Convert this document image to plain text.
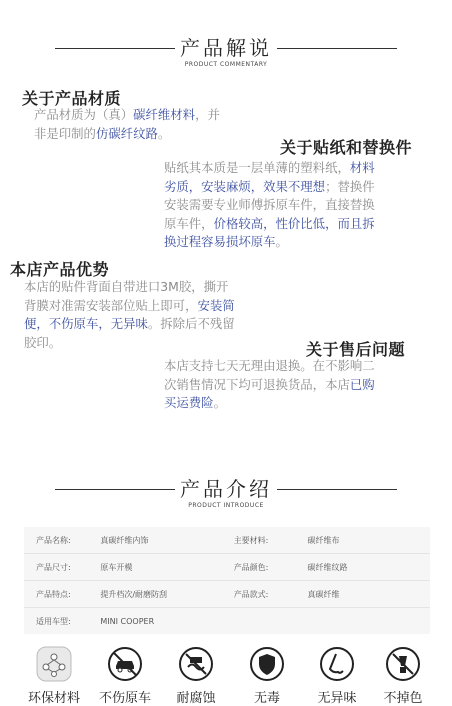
产品解说
PRODUCT COMMENTARY
关于产品材质
产品材质为（真）碳纤维材料，并
非是印制的仿碳纤纹路。
关于贴纸和替换件
贴纸其本质是一层单薄的塑料纸，材料
劣质，安装麻烦，效果不理想；替换件
安装需要专业师傅拆原车件，直接替换
原车件，价格较高，性价比低，而且拆
换过程容易损坏原车。
本店产品优势
本店的贴件背面自带进口3M胶，撕开
背膜对准需安装部位贴上即可，安装简
便，不伤原车，无异味。拆除后不残留
胶印。	关于售后问题
本店支持七天无理由退换。在不影响二
次销售情况下均可退换货品，本店已购
买运费险。
产品介绍
PRODUCT INTRODUCE
产品名称:	真碳纤维内饰	主要材料:	碳纤维布
产品尺寸:	原车开模	产品颜色:	碳纤维纹路
产品特点:	提升档次/耐磨防刮	产品款式:	真碳纤维
适用车型:	MINI COOPER		
环保材料 不伤原车	耐腐蚀	无毒	无异味	不掉色
